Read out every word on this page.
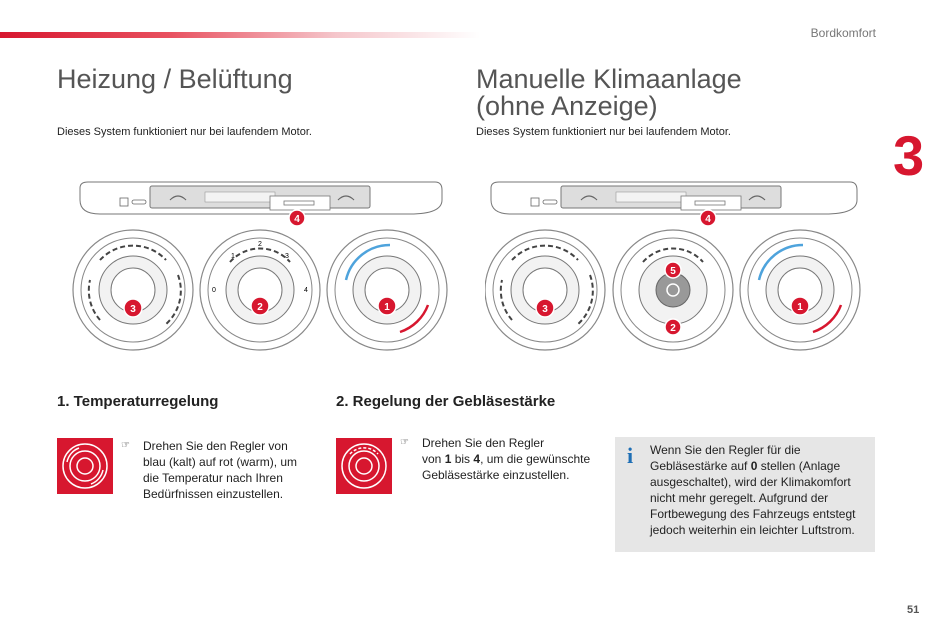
Bordkomfort
3
Heizung / Belüftung	Manuelle Klimaanlage
(ohne Anzeige)
Dieses System funktioniert nur bei laufendem Motor.	Dieses System funktioniert nur bei laufendem Motor.
4
3
1
2
3
0	4
2	1
4
3
5
2
1
1. Temperaturregelung
☞ Drehen Sie den Regler von
blau (kalt) auf rot (warm), um
die Temperatur nach Ihren
Bedürfnissen einzustellen.
2. Regelung der Gebläsestärke
☞ Drehen Sie den Regler
von 1 bis 4, um die gewünschte
Gebläsestärke einzustellen.
i Wenn Sie den Regler für die
Gebläsestärke auf 0 stellen (Anlage
ausgeschaltet), wird der Klimakomfort
nicht mehr geregelt. Aufgrund der
Fortbewegung des Fahrzeugs entstegt
jedoch weiterhin ein leichter Luftstrom.
51
